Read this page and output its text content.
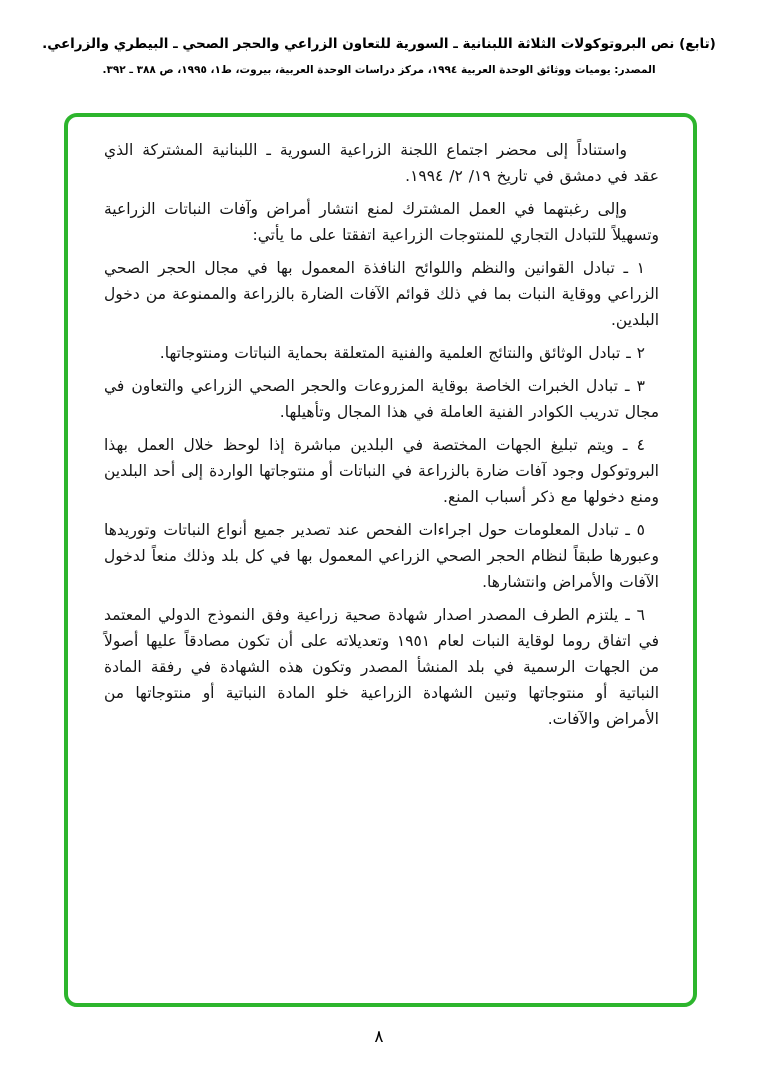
(تابع) نص البروتوكولات الثلاثة اللبنانية ـ السورية للتعاون الزراعي والحجر الصحي ـ البيطري والزراعي.
المصدر: يوميات ووثائق الوحدة العربية ١٩٩٤، مركز دراسات الوحدة العربية، بيروت، ط١، ١٩٩٥، ص ٣٨٨ ـ ٣٩٢.

واستناداً إلى محضر اجتماع اللجنة الزراعية السورية ـ اللبنانية المشتركة الذي عقد في دمشق في تاريخ ١٩/ ٢/ ١٩٩٤.

وإلى رغبتهما في العمل المشترك لمنع انتشار أمراض وآفات النباتات الزراعية وتسهيلاً للتبادل التجاري للمنتوجات الزراعية اتفقتا على ما يأتي:

١ ـ تبادل القوانين والنظم واللوائح النافذة المعمول بها في مجال الحجر الصحي الزراعي ووقاية النبات بما في ذلك قوائم الآفات الضارة بالزراعة والممنوعة من دخول البلدين.

٢ ـ تبادل الوثائق والنتائج العلمية والفنية المتعلقة بحماية النباتات ومنتوجاتها.

٣ ـ تبادل الخبرات الخاصة بوقاية المزروعات والحجر الصحي الزراعي والتعاون في مجال تدريب الكوادر الفنية العاملة في هذا المجال وتأهيلها.

٤ ـ ويتم تبليغ الجهات المختصة في البلدين مباشرة إذا لوحظ خلال العمل بهذا البروتوكول وجود آفات ضارة بالزراعة في النباتات أو منتوجاتها الواردة إلى أحد البلدين ومنع دخولها مع ذكر أسباب المنع.

٥ ـ تبادل المعلومات حول اجراءات الفحص عند تصدير جميع أنواع النباتات وتوريدها وعبورها طبقاً لنظام الحجر الصحي الزراعي المعمول بها في كل بلد وذلك منعاً لدخول الآفات والأمراض وانتشارها.

٦ ـ يلتزم الطرف المصدر اصدار شهادة صحية زراعية وفق النموذج الدولي المعتمد في اتفاق روما لوقاية النبات لعام ١٩٥١ وتعديلاته على أن تكون مصادقاً عليها أصولاً من الجهات الرسمية في بلد المنشأ المصدر وتكون هذه الشهادة في رفقة المادة النباتية أو منتوجاتها وتبين الشهادة الزراعية خلو المادة النباتية أو منتوجاتها من الأمراض والآفات.

٨
